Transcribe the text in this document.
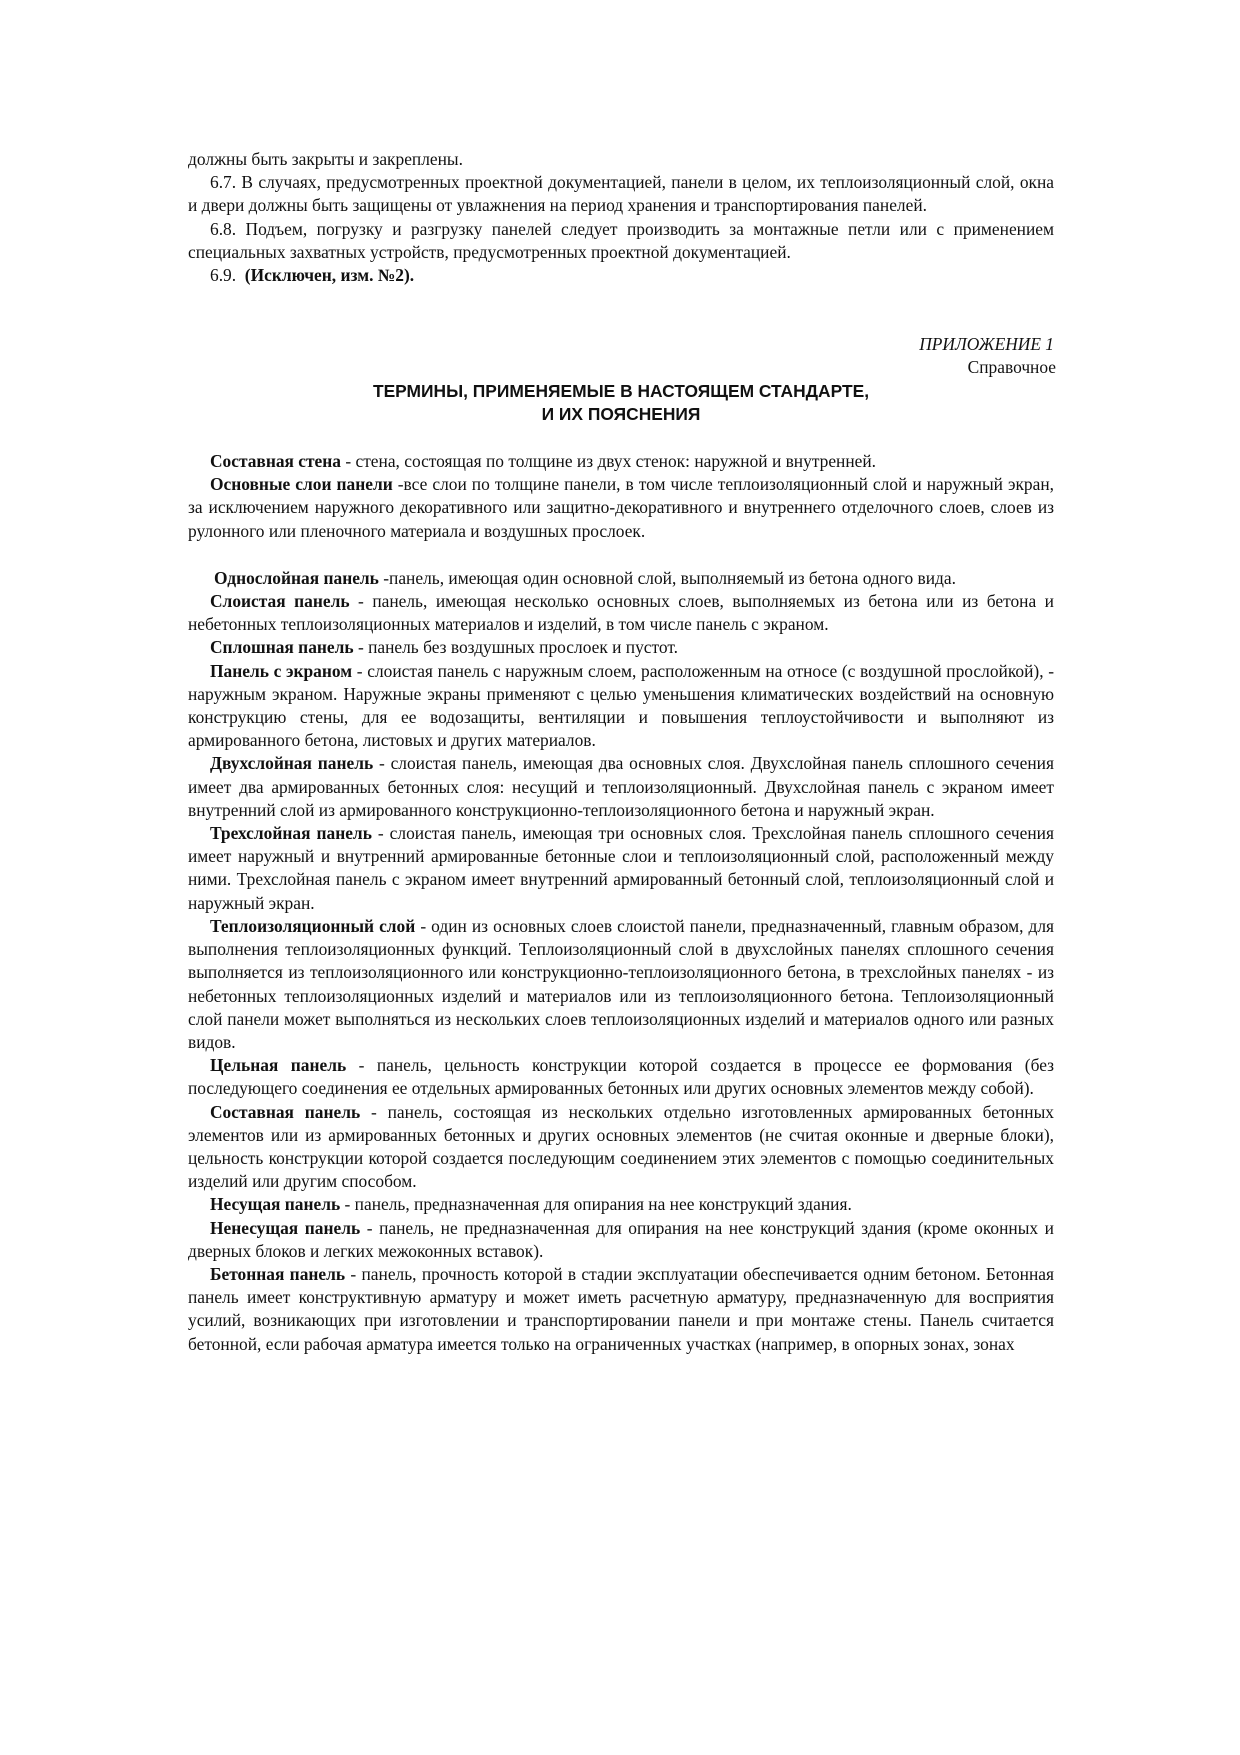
должны быть закрыты и закреплены.

6.7. В случаях, предусмотренных проектной документацией, панели в целом, их теплоизоляционный слой, окна и двери должны быть защищены от увлажнения на период хранения и транспортирования панелей.

6.8. Подъем, погрузку и разгрузку панелей следует производить за монтажные петли или с применением специальных захватных устройств, предусмотренных проектной документацией.

6.9. (Исключен, изм. №2).

ПРИЛОЖЕНИЕ 1

Справочное

ТЕРМИНЫ, ПРИМЕНЯЕМЫЕ В НАСТОЯЩЕМ СТАНДАРТЕ,
И ИХ ПОЯСНЕНИЯ

Составная стена - стена, состоящая по толщине из двух стенок: наружной и внутренней.

Основные слои панели -все слои по толщине панели, в том числе теплоизоляционный слой и наружный экран, за исключением наружного декоративного или защитно-декоративного и внутреннего отделочного слоев, слоев из рулонного или пленочного материала и воздушных прослоек.

Однослойная панель -панель, имеющая один основной слой, выполняемый из бетона одного вида.

Слоистая панель - панель, имеющая несколько основных слоев, выполняемых из бетона или из бетона и небетонных теплоизоляционных материалов и изделий, в том числе панель с экраном.

Сплошная панель - панель без воздушных прослоек и пустот.

Панель с экраном - слоистая панель с наружным слоем, расположенным на относе (с воздушной прослойкой), - наружным экраном. Наружные экраны применяют с целью уменьшения климатических воздействий на основную конструкцию стены, для ее водозащиты, вентиляции и повышения теплоустойчивости и выполняют из армированного бетона, листовых и других материалов.

Двухслойная панель - слоистая панель, имеющая два основных слоя. Двухслойная панель сплошного сечения имеет два армированных бетонных слоя: несущий и теплоизоляционный. Двухслойная панель с экраном имеет внутренний слой из армированного конструкционно-теплоизоляционного бетона и наружный экран.

Трехслойная панель - слоистая панель, имеющая три основных слоя. Трехслойная панель сплошного сечения имеет наружный и внутренний армированные бетонные слои и теплоизоляционный слой, расположенный между ними. Трехслойная панель с экраном имеет внутренний армированный бетонный слой, теплоизоляционный слой и наружный экран.

Теплоизоляционный слой - один из основных слоев слоистой панели, предназначенный, главным образом, для выполнения теплоизоляционных функций. Теплоизоляционный слой в двухслойных панелях сплошного сечения выполняется из теплоизоляционного или конструкционно-теплоизоляционного бетона, в трехслойных панелях - из небетонных теплоизоляционных изделий и материалов или из теплоизоляционного бетона. Теплоизоляционный слой панели может выполняться из нескольких слоев теплоизоляционных изделий и материалов одного или разных видов.

Цельная панель - панель, цельность конструкции которой создается в процессе ее формования (без последующего соединения ее отдельных армированных бетонных или других основных элементов между собой).

Составная панель - панель, состоящая из нескольких отдельно изготовленных армированных бетонных элементов или из армированных бетонных и других основных элементов (не считая оконные и дверные блоки), цельность конструкции которой создается последующим соединением этих элементов с помощью соединительных изделий или другим способом.

Несущая панель - панель, предназначенная для опирания на нее конструкций здания.

Ненесущая панель - панель, не предназначенная для опирания на нее конструкций здания (кроме оконных и дверных блоков и легких межоконных вставок).

Бетонная панель - панель, прочность которой в стадии эксплуатации обеспечивается одним бетоном. Бетонная панель имеет конструктивную арматуру и может иметь расчетную арматуру, предназначенную для восприятия усилий, возникающих при изготовлении и транспортировании панели и при монтаже стены. Панель считается бетонной, если рабочая арматура имеется только на ограниченных участках (например, в опорных зонах, зонах
